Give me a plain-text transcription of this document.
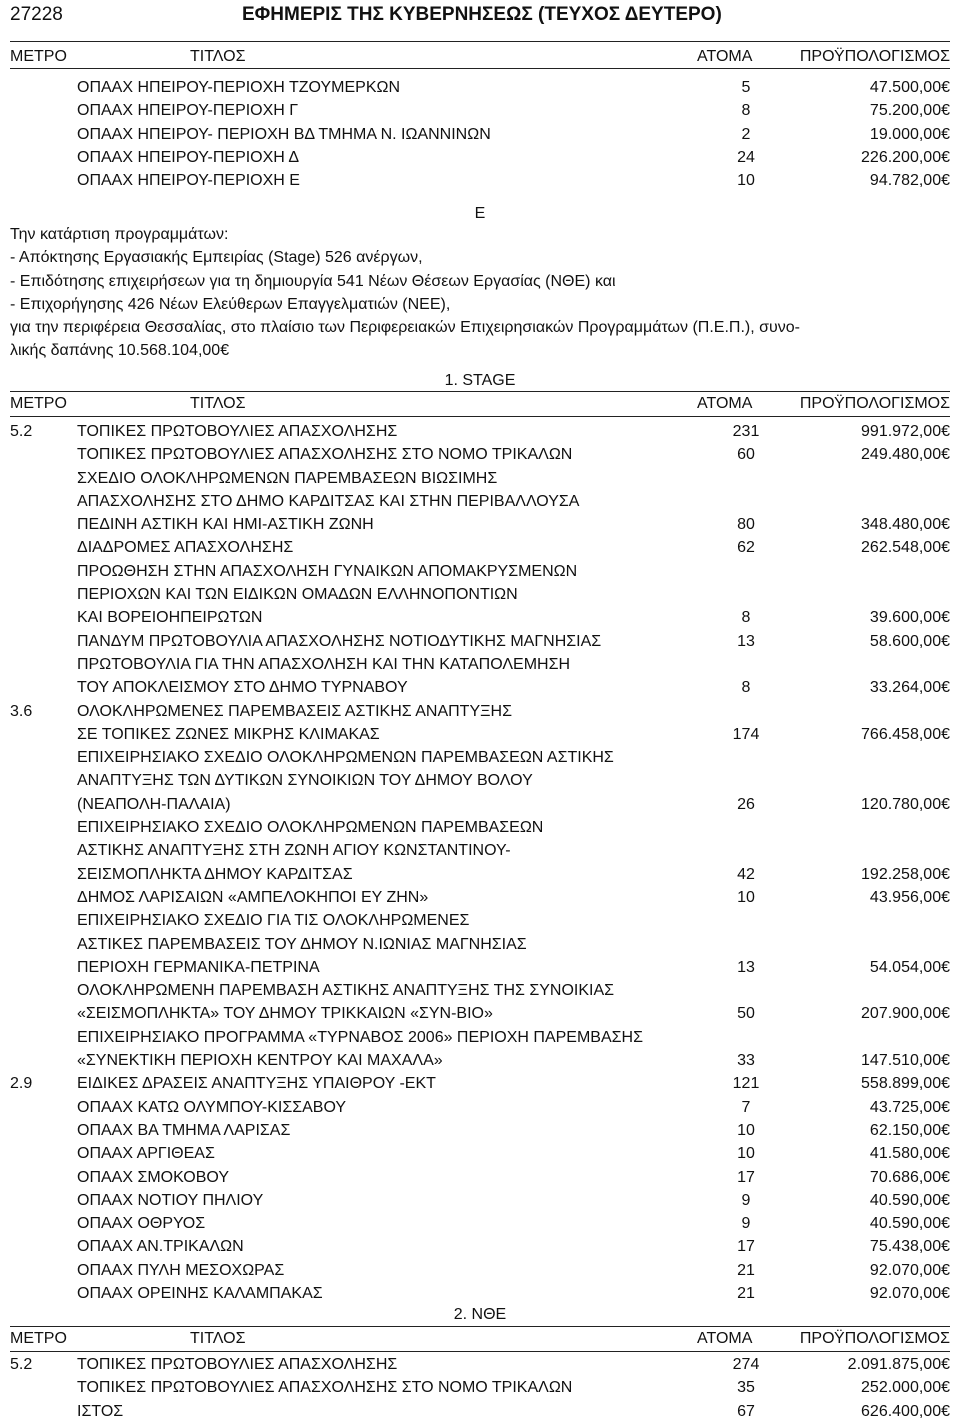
27228	ΕΦΗΜΕΡΙΣ ΤΗΣ ΚΥΒΕΡΝΗΣΕΩΣ (ΤΕΥΧΟΣ ΔΕΥΤΕΡΟ)
ΜΕΤΡΟ	ΤΙΤΛΟΣ	ΑΤΟΜΑ	ΠΡΟΫΠΟΛΟΓΙΣΜΟΣ
ΟΠΑΑΧ ΗΠΕΙΡΟΥ-ΠΕΡΙΟΧΗ ΤΖΟΥΜΕΡΚΩΝ	5	47.500,00€
ΟΠΑΑΧ ΗΠΕΙΡΟΥ-ΠΕΡΙΟΧΗ Γ	8	75.200,00€
ΟΠΑΑΧ ΗΠΕΙΡΟΥ- ΠΕΡΙΟΧΗ ΒΔ ΤΜΗΜΑ Ν. ΙΩΑΝΝΙΝΩΝ	2	19.000,00€
ΟΠΑΑΧ ΗΠΕΙΡΟΥ-ΠΕΡΙΟΧΗ Δ	24	226.200,00€
ΟΠΑΑΧ ΗΠΕΙΡΟΥ-ΠΕΡΙΟΧΗ Ε	10	94.782,00€
Ε
Την κατάρτιση προγραμμάτων:
- Απόκτησης Εργασιακής Εμπειρίας (Stage) 526 ανέργων,
- Επιδότησης επιχειρήσεων για τη δημιουργία 541 Νέων Θέσεων Εργασίας (ΝΘΕ) και
- Επιχορήγησης 426 Νέων Ελεύθερων Επαγγελματιών (ΝΕΕ),
για την περιφέρεια Θεσσαλίας, στο πλαίσιο των Περιφερειακών Επιχειρησιακών Προγραμμάτων (Π.Ε.Π.), συνο-
λικής δαπάνης 10.568.104,00€
1. STAGE
ΜΕΤΡΟ	ΤΙΤΛΟΣ	ΑΤΟΜΑ	ΠΡΟΫΠΟΛΟΓΙΣΜΟΣ
5.2	ΤΟΠΙΚΕΣ ΠΡΩΤΟΒΟΥΛΙΕΣ ΑΠΑΣΧΟΛΗΣΗΣ	231	991.972,00€
ΤΟΠΙΚΕΣ ΠΡΩΤΟΒΟΥΛΙΕΣ ΑΠΑΣΧΟΛΗΣΗΣ ΣΤΟ ΝΟΜΟ ΤΡΙΚΑΛΩΝ	60	249.480,00€
ΣΧΕΔΙΟ ΟΛΟΚΛΗΡΩΜΕΝΩΝ ΠΑΡΕΜΒΑΣΕΩΝ ΒΙΩΣΙΜΗΣ
ΑΠΑΣΧΟΛΗΣΗΣ ΣΤΟ ΔΗΜΟ ΚΑΡΔΙΤΣΑΣ ΚΑΙ ΣΤΗΝ ΠΕΡΙΒΑΛΛΟΥΣΑ
ΠΕΔΙΝΗ ΑΣΤΙΚΗ ΚΑΙ ΗΜΙ-ΑΣΤΙΚΗ ΖΩΝΗ	80	348.480,00€
ΔΙΑΔΡΟΜΕΣ ΑΠΑΣΧΟΛΗΣΗΣ	62	262.548,00€
ΠΡΟΩΘΗΣΗ ΣΤΗΝ ΑΠΑΣΧΟΛΗΣΗ ΓΥΝΑΙΚΩΝ ΑΠΟΜΑΚΡΥΣΜΕΝΩΝ
ΠΕΡΙΟΧΩΝ ΚΑΙ ΤΩΝ ΕΙΔΙΚΩΝ ΟΜΑΔΩΝ ΕΛΛΗΝΟΠΟΝΤΙΩΝ
ΚΑΙ ΒΟΡΕΙΟΗΠΕΙΡΩΤΩΝ	8	39.600,00€
ΠΑΝΔΥΜ ΠΡΩΤΟΒΟΥΛΙΑ ΑΠΑΣΧΟΛΗΣΗΣ ΝΟΤΙΟΔΥΤΙΚΗΣ ΜΑΓΝΗΣΙΑΣ	13	58.600,00€
ΠΡΩΤΟΒΟΥΛΙΑ ΓΙΑ ΤΗΝ ΑΠΑΣΧΟΛΗΣΗ ΚΑΙ ΤΗΝ ΚΑΤΑΠΟΛΕΜΗΣΗ
ΤΟΥ ΑΠΟΚΛΕΙΣΜΟΥ ΣΤΟ ΔΗΜΟ ΤΥΡΝΑΒΟΥ	8	33.264,00€
3.6	ΟΛΟΚΛΗΡΩΜΕΝΕΣ ΠΑΡΕΜΒΑΣΕΙΣ ΑΣΤΙΚΗΣ ΑΝΑΠΤΥΞΗΣ
ΣΕ ΤΟΠΙΚΕΣ ΖΩΝΕΣ ΜΙΚΡΗΣ ΚΛΙΜΑΚΑΣ	174	766.458,00€
ΕΠΙΧΕΙΡΗΣΙΑΚΟ ΣΧΕΔΙΟ ΟΛΟΚΛΗΡΩΜΕΝΩΝ ΠΑΡΕΜΒΑΣΕΩΝ ΑΣΤΙΚΗΣ
ΑΝΑΠΤΥΞΗΣ ΤΩΝ ΔΥΤΙΚΩΝ ΣΥΝΟΙΚΙΩΝ ΤΟΥ ΔΗΜΟΥ ΒΟΛΟΥ
(ΝΕΑΠΟΛΗ-ΠΑΛΑΙΑ)	26	120.780,00€
ΕΠΙΧΕΙΡΗΣΙΑΚΟ ΣΧΕΔΙΟ ΟΛΟΚΛΗΡΩΜΕΝΩΝ ΠΑΡΕΜΒΑΣΕΩΝ
ΑΣΤΙΚΗΣ ΑΝΑΠΤΥΞΗΣ ΣΤΗ ΖΩΝΗ ΑΓΙΟΥ ΚΩΝΣΤΑΝΤΙΝΟΥ-
ΣΕΙΣΜΟΠΛΗΚΤΑ ΔΗΜΟΥ ΚΑΡΔΙΤΣΑΣ	42	192.258,00€
ΔΗΜΟΣ ΛΑΡΙΣΑΙΩΝ «ΑΜΠΕΛΟΚΗΠΟΙ ΕΥ ΖΗΝ»	10	43.956,00€
ΕΠΙΧΕΙΡΗΣΙΑΚΟ ΣΧΕΔΙΟ ΓΙΑ ΤΙΣ ΟΛΟΚΛΗΡΩΜΕΝΕΣ
ΑΣΤΙΚΕΣ ΠΑΡΕΜΒΑΣΕΙΣ ΤΟΥ ΔΗΜΟΥ Ν.ΙΩΝΙΑΣ ΜΑΓΝΗΣΙΑΣ
ΠΕΡΙΟΧΗ ΓΕΡΜΑΝΙΚΑ-ΠΕΤΡΙΝΑ	13	54.054,00€
ΟΛΟΚΛΗΡΩΜΕΝΗ ΠΑΡΕΜΒΑΣΗ ΑΣΤΙΚΗΣ ΑΝΑΠΤΥΞΗΣ ΤΗΣ ΣΥΝΟΙΚΙΑΣ
«ΣΕΙΣΜΟΠΛΗΚΤΑ» ΤΟΥ ΔΗΜΟΥ ΤΡΙΚΚΑΙΩΝ «ΣΥΝ-ΒΙΟ»	50	207.900,00€
ΕΠΙΧΕΙΡΗΣΙΑΚΟ ΠΡΟΓΡΑΜΜΑ «ΤΥΡΝΑΒΟΣ 2006» ΠΕΡΙΟΧΗ ΠΑΡΕΜΒΑΣΗΣ
«ΣΥΝΕΚΤΙΚΗ ΠΕΡΙΟΧΗ ΚΕΝΤΡΟΥ ΚΑΙ ΜΑΧΑΛΑ»	33	147.510,00€
2.9	ΕΙΔΙΚΕΣ ΔΡΑΣΕΙΣ ΑΝΑΠΤΥΞΗΣ ΥΠΑΙΘΡΟΥ -ΕΚΤ	121	558.899,00€
ΟΠΑΑΧ ΚΑΤΩ ΟΛΥΜΠΟΥ-ΚΙΣΣΑΒΟΥ	7	43.725,00€
ΟΠΑΑΧ ΒΑ ΤΜΗΜΑ ΛΑΡΙΣΑΣ	10	62.150,00€
ΟΠΑΑΧ ΑΡΓΙΘΕΑΣ	10	41.580,00€
ΟΠΑΑΧ ΣΜΟΚΟΒΟΥ	17	70.686,00€
ΟΠΑΑΧ ΝΟΤΙΟΥ ΠΗΛΙΟΥ	9	40.590,00€
ΟΠΑΑΧ ΟΘΡΥΟΣ	9	40.590,00€
ΟΠΑΑΧ ΑΝ.ΤΡΙΚΑΛΩΝ	17	75.438,00€
ΟΠΑΑΧ ΠΥΛΗ ΜΕΣΟΧΩΡΑΣ	21	92.070,00€
ΟΠΑΑΧ ΟΡΕΙΝΗΣ ΚΑΛΑΜΠΑΚΑΣ	21	92.070,00€
2. ΝΘΕ
ΜΕΤΡΟ	ΤΙΤΛΟΣ	ΑΤΟΜΑ	ΠΡΟΫΠΟΛΟΓΙΣΜΟΣ
5.2	ΤΟΠΙΚΕΣ ΠΡΩΤΟΒΟΥΛΙΕΣ ΑΠΑΣΧΟΛΗΣΗΣ	274	2.091.875,00€
ΤΟΠΙΚΕΣ ΠΡΩΤΟΒΟΥΛΙΕΣ ΑΠΑΣΧΟΛΗΣΗΣ ΣΤΟ ΝΟΜΟ ΤΡΙΚΑΛΩΝ	35	252.000,00€
ΙΣΤΟΣ	67	626.400,00€
